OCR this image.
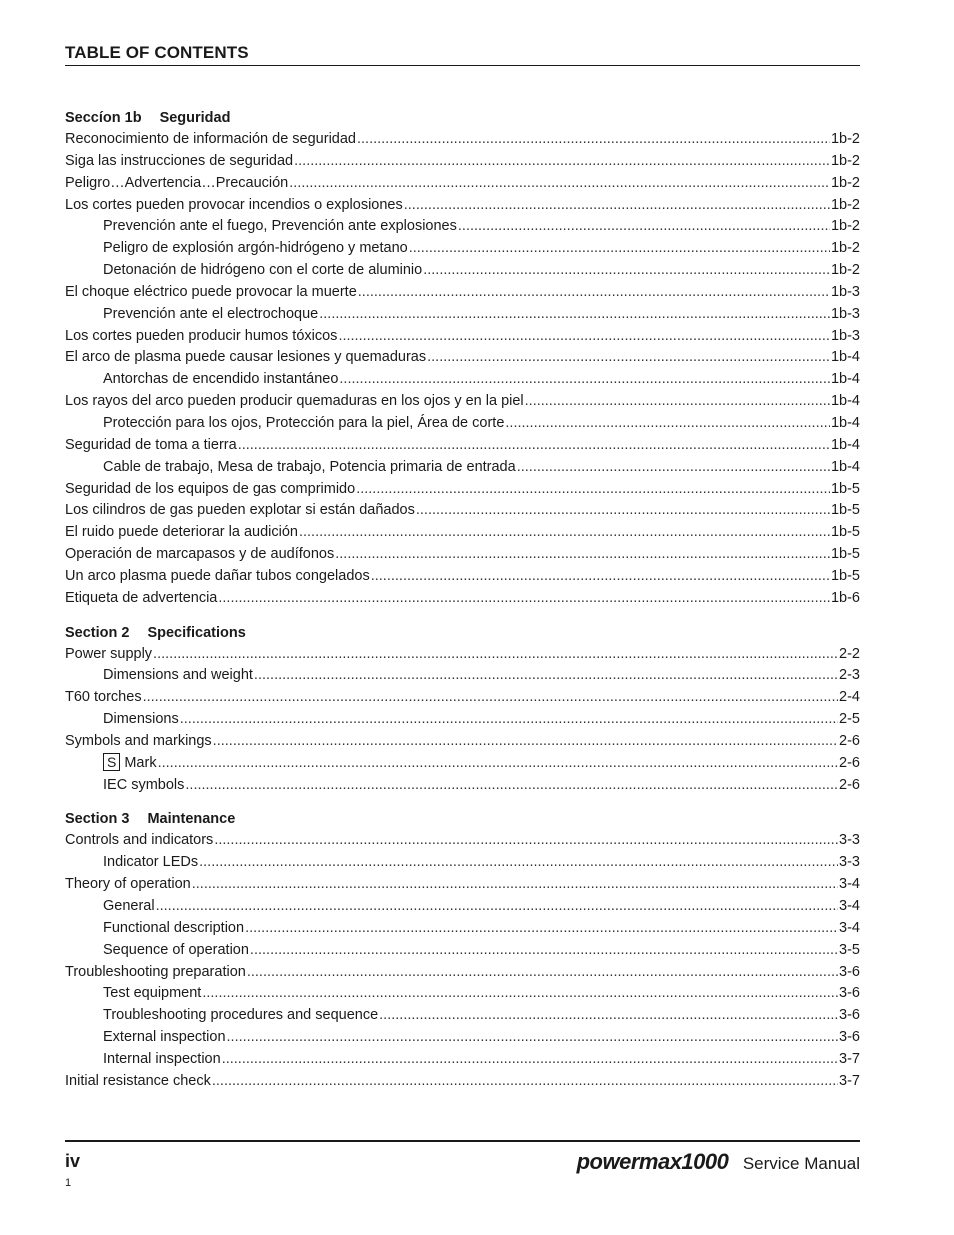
TABLE OF CONTENTS
Seccíon 1b Seguridad
Reconocimiento de información de seguridad .....	1b-2
Siga las instrucciones de seguridad .....	1b-2
Peligro…Advertencia…Precaución .....	1b-2
Los cortes pueden provocar incendios o explosiones .....	1b-2
Prevención ante el fuego, Prevención ante explosiones .....	1b-2
Peligro de explosión argón-hidrógeno y metano .....	1b-2
Detonación de hidrógeno con el corte de aluminio .....	1b-2
El choque eléctrico puede provocar la muerte .....	1b-3
Prevención ante el electrochoque .....	1b-3
Los cortes pueden producir humos tóxicos .....	1b-3
El arco de plasma puede causar lesiones y quemaduras .....	1b-4
Antorchas de encendido instantáneo .....	1b-4
Los rayos del arco pueden producir quemaduras en los ojos y en la piel .....	1b-4
Protección para los ojos, Protección para la piel, Área de corte .....	1b-4
Seguridad de toma a tierra .....	1b-4
Cable de trabajo, Mesa de trabajo, Potencia primaria de entrada .....	1b-4
Seguridad de los equipos de gas comprimido .....	1b-5
Los cilindros de gas pueden explotar si están dañados .....	1b-5
El ruido puede deteriorar la audición .....	1b-5
Operación de marcapasos y de audífonos .....	1b-5
Un arco plasma puede dañar tubos congelados .....	1b-5
Etiqueta de advertencia .....	1b-6
Section 2 Specifications
Power supply .....	2-2
Dimensions and weight .....	2-3
T60 torches .....	2-4
Dimensions .....	2-5
Symbols and markings .....	2-6
S Mark .....	2-6
IEC symbols .....	2-6
Section 3 Maintenance
Controls and indicators .....	3-3
Indicator LEDs .....	3-3
Theory of operation .....	3-4
General .....	3-4
Functional description .....	3-4
Sequence of operation .....	3-5
Troubleshooting preparation .....	3-6
Test equipment .....	3-6
Troubleshooting procedures and sequence .....	3-6
External inspection .....	3-6
Internal inspection .....	3-7
Initial resistance check .....	3-7
iv	powermax1000 Service Manual
1
